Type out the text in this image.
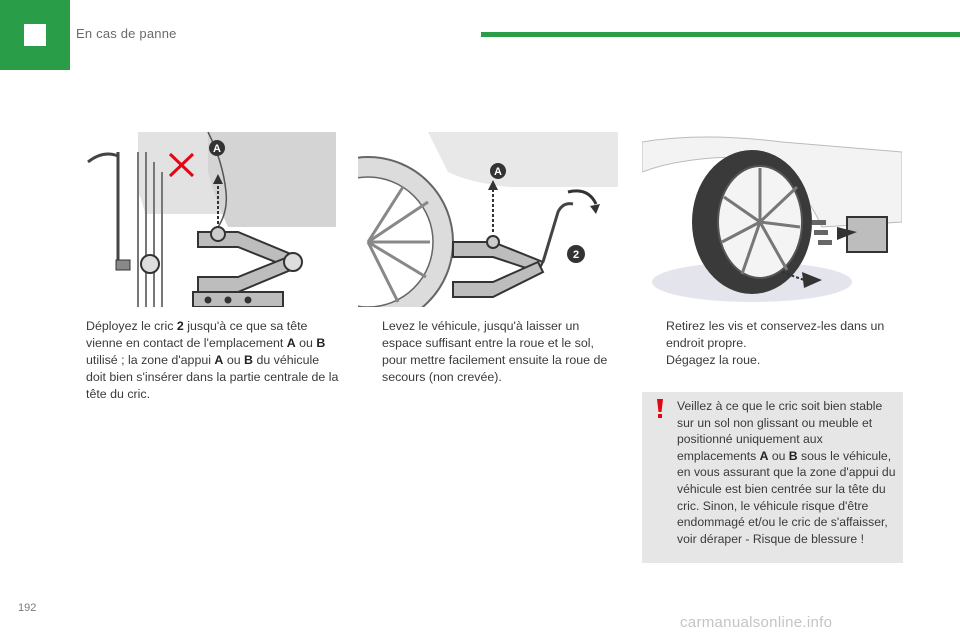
En cas de panne
A
A
2

Déployez le cric 2 jusqu'à ce que sa tête vienne en contact de l'emplacement A ou B utilisé ; la zone d'appui A ou B du véhicule doit bien s'insérer dans la partie centrale de la tête du cric.

Levez le véhicule, jusqu'à laisser un espace suffisant entre la roue et le sol, pour mettre facilement ensuite la roue de secours (non crevée).

Retirez les vis et conservez-les dans un endroit propre.

Dégagez la roue.

Veillez à ce que le cric soit bien stable sur un sol non glissant ou meuble et positionné uniquement aux emplacements A ou B sous le véhicule, en vous assurant que la zone d'appui du véhicule est bien centrée sur la tête du cric. Sinon, le véhicule risque d'être endommagé et/ou le cric de s'affaisser, voir déraper - Risque de blessure !
192
carmanualsonline.info
